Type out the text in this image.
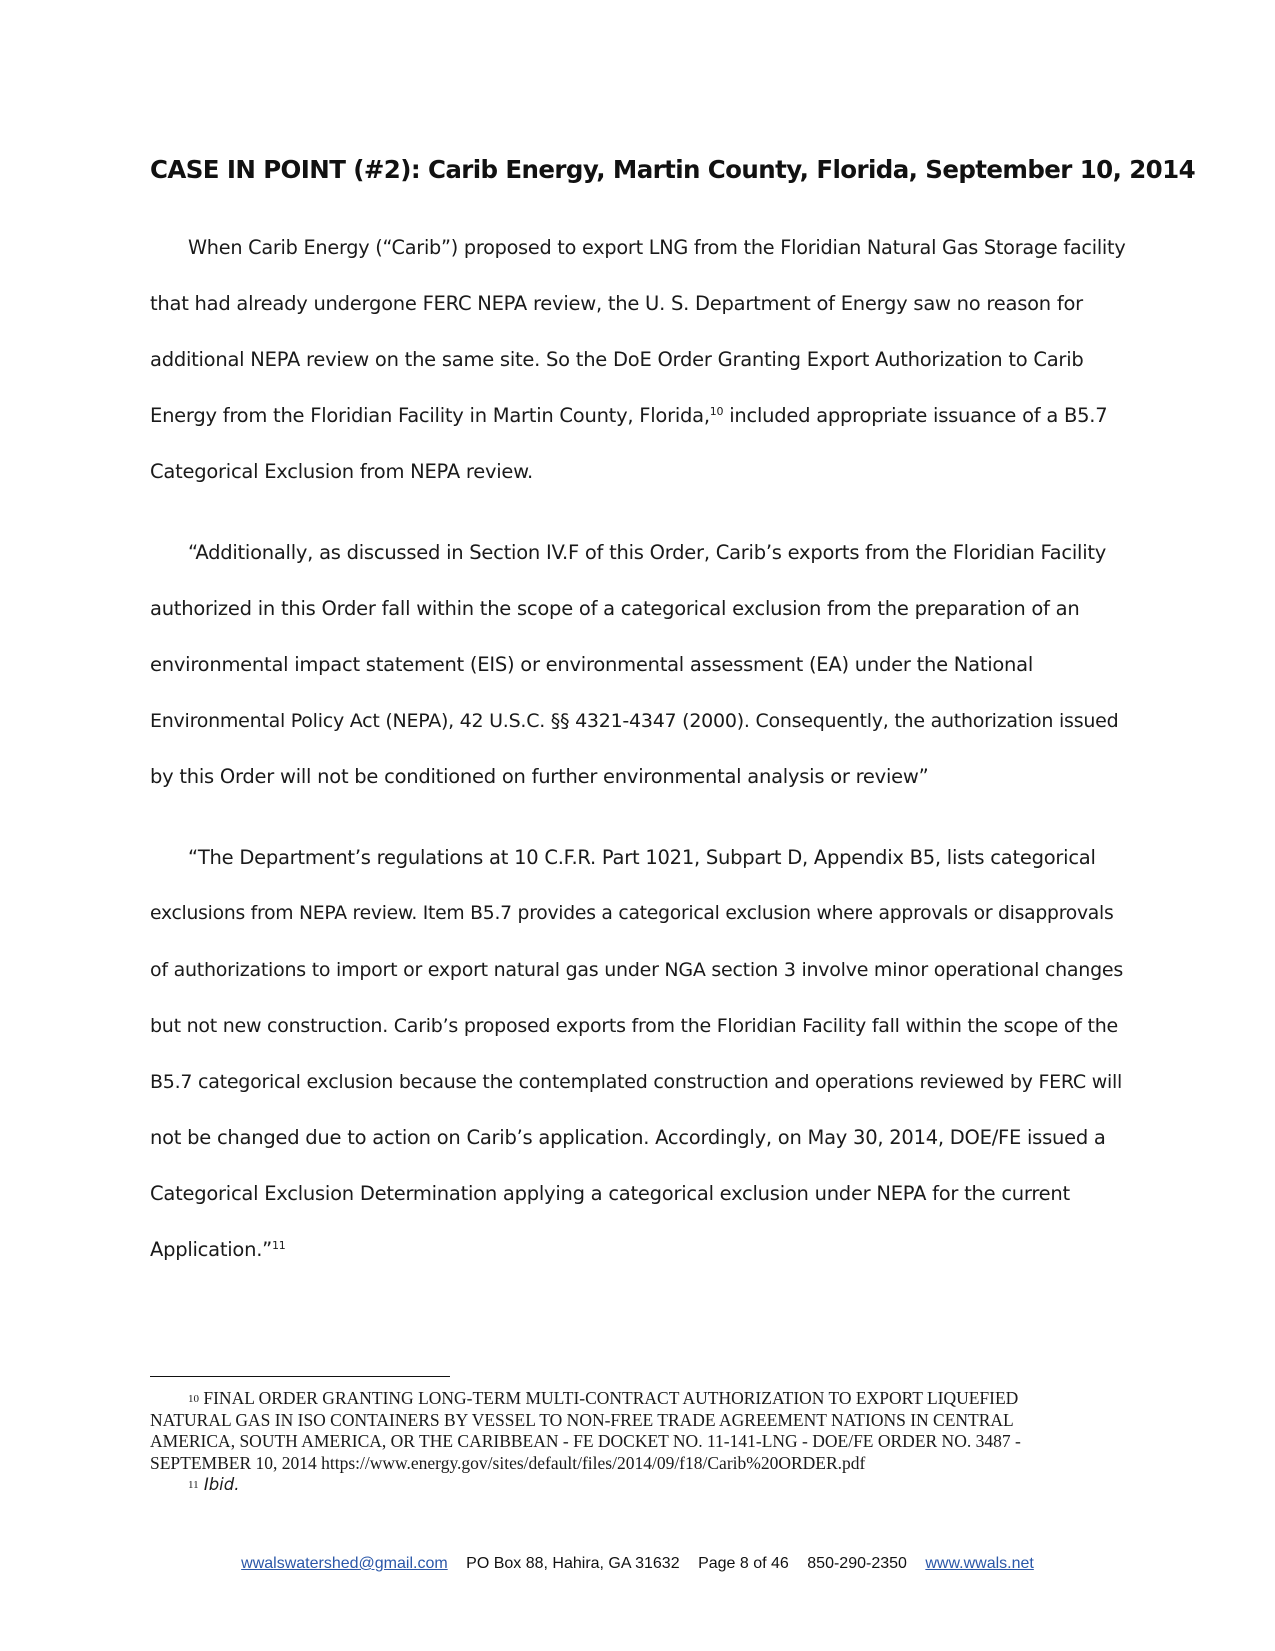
CASE IN POINT (#2): Carib Energy, Martin County, Florida, September 10, 2014
When Carib Energy (“Carib”) proposed to export LNG from the Floridian Natural Gas Storage facility
that had already undergone FERC NEPA review, the U. S. Department of Energy saw no reason for
additional NEPA review on the same site. So the DoE Order Granting Export Authorization to Carib
Energy from the Floridian Facility in Martin County, Florida,$^{10}$ included appropriate issuance of a B5.7
Categorical Exclusion from NEPA review.
“Additionally, as discussed in Section IV.F of this Order, Carib’s exports from the Floridian Facility
authorized in this Order fall within the scope of a categorical exclusion from the preparation of an
environmental impact statement (EIS) or environmental assessment (EA) under the National
Environmental Policy Act (NEPA), 42 U.S.C. §§ 4321-4347 (2000). Consequently, the authorization issued
by this Order will not be conditioned on further environmental analysis or review”
“The Department’s regulations at 10 C.F.R. Part 1021, Subpart D, Appendix B5, lists categorical
exclusions from NEPA review. Item B5.7 provides a categorical exclusion where approvals or disapprovals
of authorizations to import or export natural gas under NGA section 3 involve minor operational changes
but not new construction. Carib’s proposed exports from the Floridian Facility fall within the scope of the
B5.7 categorical exclusion because the contemplated construction and operations reviewed by FERC will
not be changed due to action on Carib’s application. Accordingly, on May 30, 2014, DOE/FE issued a
Categorical Exclusion Determination applying a categorical exclusion under NEPA for the current
Application.”$^{11}$
$^{10}$ FINAL ORDER GRANTING LONG-TERM MULTI-CONTRACT AUTHORIZATION TO EXPORT LIQUEFIED
NATURAL GAS IN ISO CONTAINERS BY VESSEL TO NON-FREE TRADE AGREEMENT NATIONS IN CENTRAL
AMERICA, SOUTH AMERICA, OR THE CARIBBEAN - FE DOCKET NO. 11-141-LNG - DOE/FE ORDER NO. 3487 -
SEPTEMBER 10, 2014 https://www.energy.gov/sites/default/files/2014/09/f18/Carib%20ORDER.pdf
$^{11}$ Ibid.
wwalswatershed@gmail.com PO Box 88, Hahira, GA 31632 Page 8 of 46 850-290-2350 www.wwals.net
